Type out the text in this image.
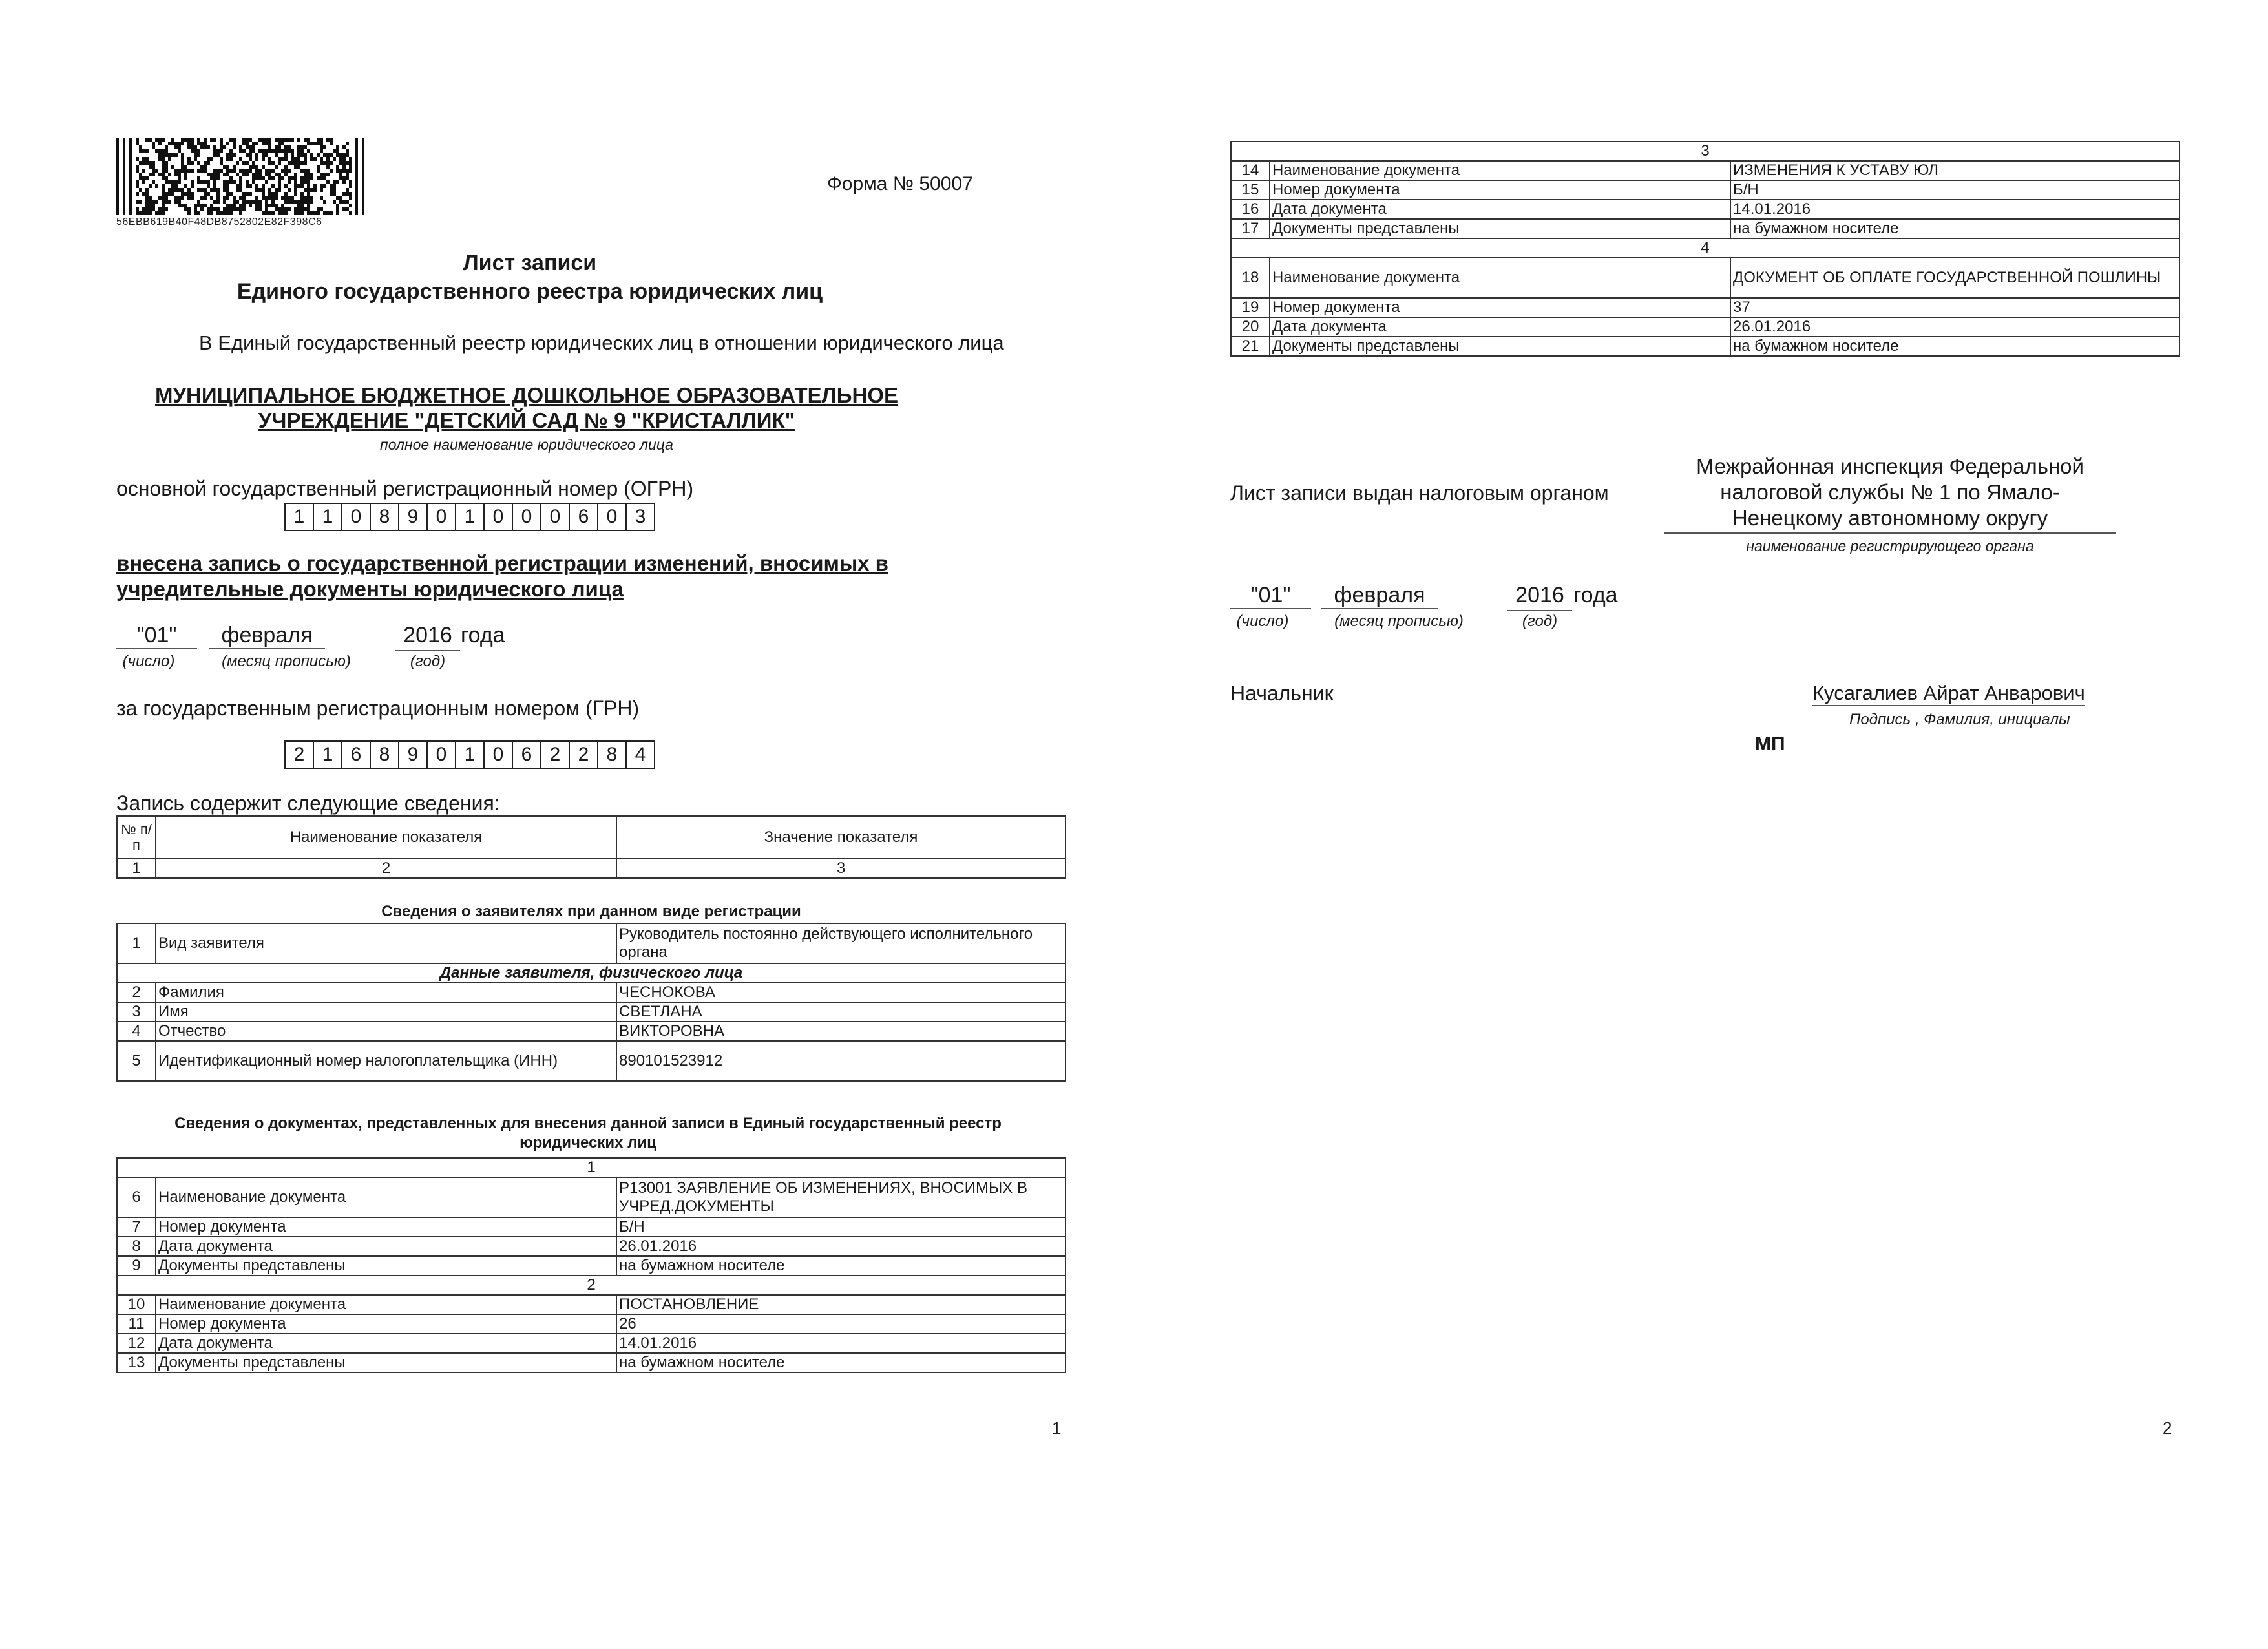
56EBB619B40F48DB8752802E82F398C6
Форма № 50007
Лист записи
Единого государственного реестра юридических лиц
В Единый государственный реестр юридических лиц в отношении юридического лица
МУНИЦИПАЛЬНОЕ БЮДЖЕТНОЕ ДОШКОЛЬНОЕ ОБРАЗОВАТЕЛЬНОЕ
УЧРЕЖДЕНИЕ "ДЕТСКИЙ САД № 9 "КРИСТАЛЛИК"
полное наименование юридического лица
основной государственный регистрационный номер (ОГРН)
1 1 0 8 9 0 1 0 0 0 6 0 3
внесена запись о государственной регистрации изменений, вносимых в
учредительные документы юридического лица
"01"	февраля	2016 года
(число)	(месяц прописью)	(год)
за государственным регистрационным номером (ГРН)
2 1 6 8 9 0 1 0 6 2 2 8 4
Запись содержит следующие сведения:
№ п/п	Наименование показателя	Значение показателя
1	2	3
Сведения о заявителях при данном виде регистрации
1	Вид заявителя	Руководитель постоянно действующего исполнительного органа
Данные заявителя, физического лица		
2	Фамилия	ЧЕСНОКОВА
3	Имя	СВЕТЛАНА
4	Отчество	ВИКТОРОВНА
5	Идентификационный номер налогоплательщика (ИНН)	890101523912
Сведения о документах, представленных для внесения данной записи в Единый государственный реестр юридических лиц
1		
6	Наименование документа	Р13001 ЗАЯВЛЕНИЕ ОБ ИЗМЕНЕНИЯХ, ВНОСИМЫХ В УЧРЕД.ДОКУМЕНТЫ
7	Номер документа	Б/Н
8	Дата документа	26.01.2016
9	Документы представлены	на бумажном носителе
2		
10	Наименование документа	ПОСТАНОВЛЕНИЕ
11	Номер документа	26
12	Дата документа	14.01.2016
13	Документы представлены	на бумажном носителе
1
3		
14	Наименование документа	ИЗМЕНЕНИЯ К УСТАВУ ЮЛ
15	Номер документа	Б/Н
16	Дата документа	14.01.2016
17	Документы представлены	на бумажном носителе
4		
18	Наименование документа	ДОКУМЕНТ ОБ ОПЛАТЕ ГОСУДАРСТВЕННОЙ ПОШЛИНЫ
19	Номер документа	37
20	Дата документа	26.01.2016
21	Документы представлены	на бумажном носителе
Лист записи выдан налоговым органом
Межрайонная инспекция Федеральной
налоговой службы № 1 по Ямало-
Ненецкому автономному округу
наименование регистрирующего органа
"01"	февраля	2016 года
(число)	(месяц прописью)	(год)
Начальник	Кусагалиев Айрат Анварович
Подпись , Фамилия, инициалы
МП
2
